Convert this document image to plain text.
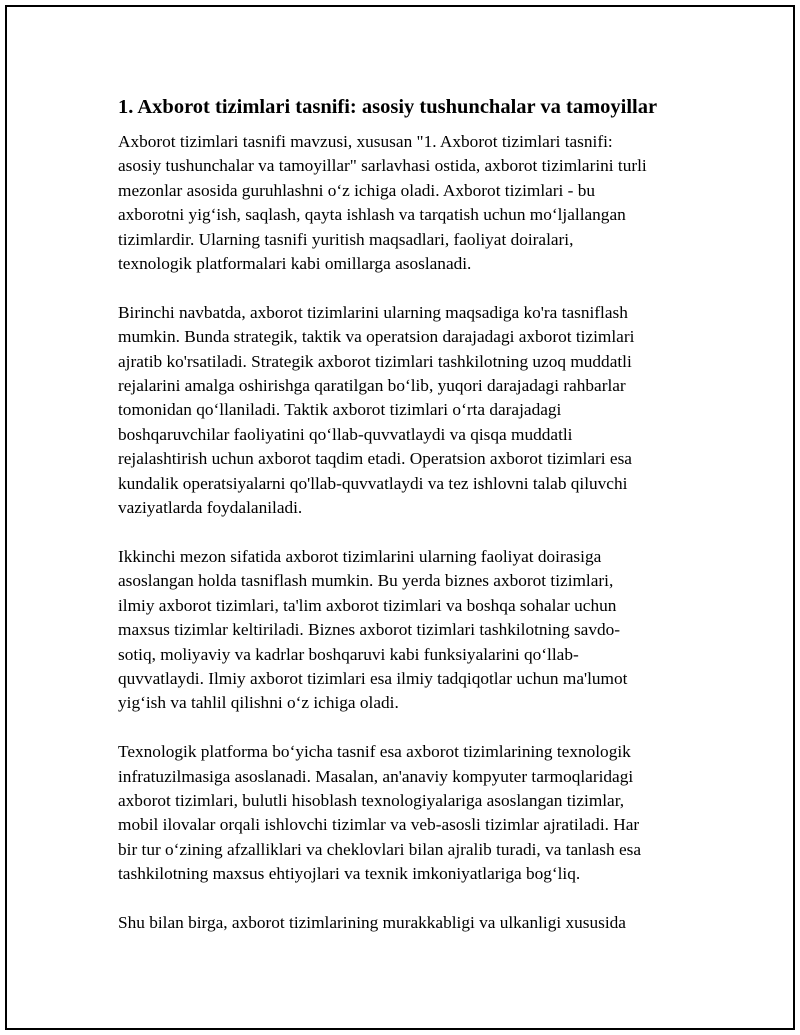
1. Axborot tizimlari tasnifi: asosiy tushunchalar va tamoyillar

Axborot tizimlari tasnifi mavzusi, xususan "1. Axborot tizimlari tasnifi:
asosiy tushunchalar va tamoyillar" sarlavhasi ostida, axborot tizimlarini turli
mezonlar asosida guruhlashni o‘z ichiga oladi. Axborot tizimlari - bu
axborotni yig‘ish, saqlash, qayta ishlash va tarqatish uchun mo‘ljallangan
tizimlardir. Ularning tasnifi yuritish maqsadlari, faoliyat doiralari,
texnologik platformalari kabi omillarga asoslanadi.

Birinchi navbatda, axborot tizimlarini ularning maqsadiga ko'ra tasniflash
mumkin. Bunda strategik, taktik va operatsion darajadagi axborot tizimlari
ajratib ko'rsatiladi. Strategik axborot tizimlari tashkilotning uzoq muddatli
rejalarini amalga oshirishga qaratilgan bo‘lib, yuqori darajadagi rahbarlar
tomonidan qo‘llaniladi. Taktik axborot tizimlari o‘rta darajadagi
boshqaruvchilar faoliyatini qo‘llab-quvvatlaydi va qisqa muddatli
rejalashtirish uchun axborot taqdim etadi. Operatsion axborot tizimlari esa
kundalik operatsiyalarni qo'llab-quvvatlaydi va tez ishlovni talab qiluvchi
vaziyatlarda foydalaniladi.

Ikkinchi mezon sifatida axborot tizimlarini ularning faoliyat doirasiga
asoslangan holda tasniflash mumkin. Bu yerda biznes axborot tizimlari,
ilmiy axborot tizimlari, ta'lim axborot tizimlari va boshqa sohalar uchun
maxsus tizimlar keltiriladi. Biznes axborot tizimlari tashkilotning savdo-
sotiq, moliyaviy va kadrlar boshqaruvi kabi funksiyalarini qo‘llab-
quvvatlaydi. Ilmiy axborot tizimlari esa ilmiy tadqiqotlar uchun ma'lumot
yig‘ish va tahlil qilishni o‘z ichiga oladi.

Texnologik platforma bo‘yicha tasnif esa axborot tizimlarining texnologik
infratuzilmasiga asoslanadi. Masalan, an'anaviy kompyuter tarmoqlaridagi
axborot tizimlari, bulutli hisoblash texnologiyalariga asoslangan tizimlar,
mobil ilovalar orqali ishlovchi tizimlar va veb-asosli tizimlar ajratiladi. Har
bir tur o‘zining afzalliklari va cheklovlari bilan ajralib turadi, va tanlash esa
tashkilotning maxsus ehtiyojlari va texnik imkoniyatlariga bog‘liq.

Shu bilan birga, axborot tizimlarining murakkabligi va ulkanligi xususida
